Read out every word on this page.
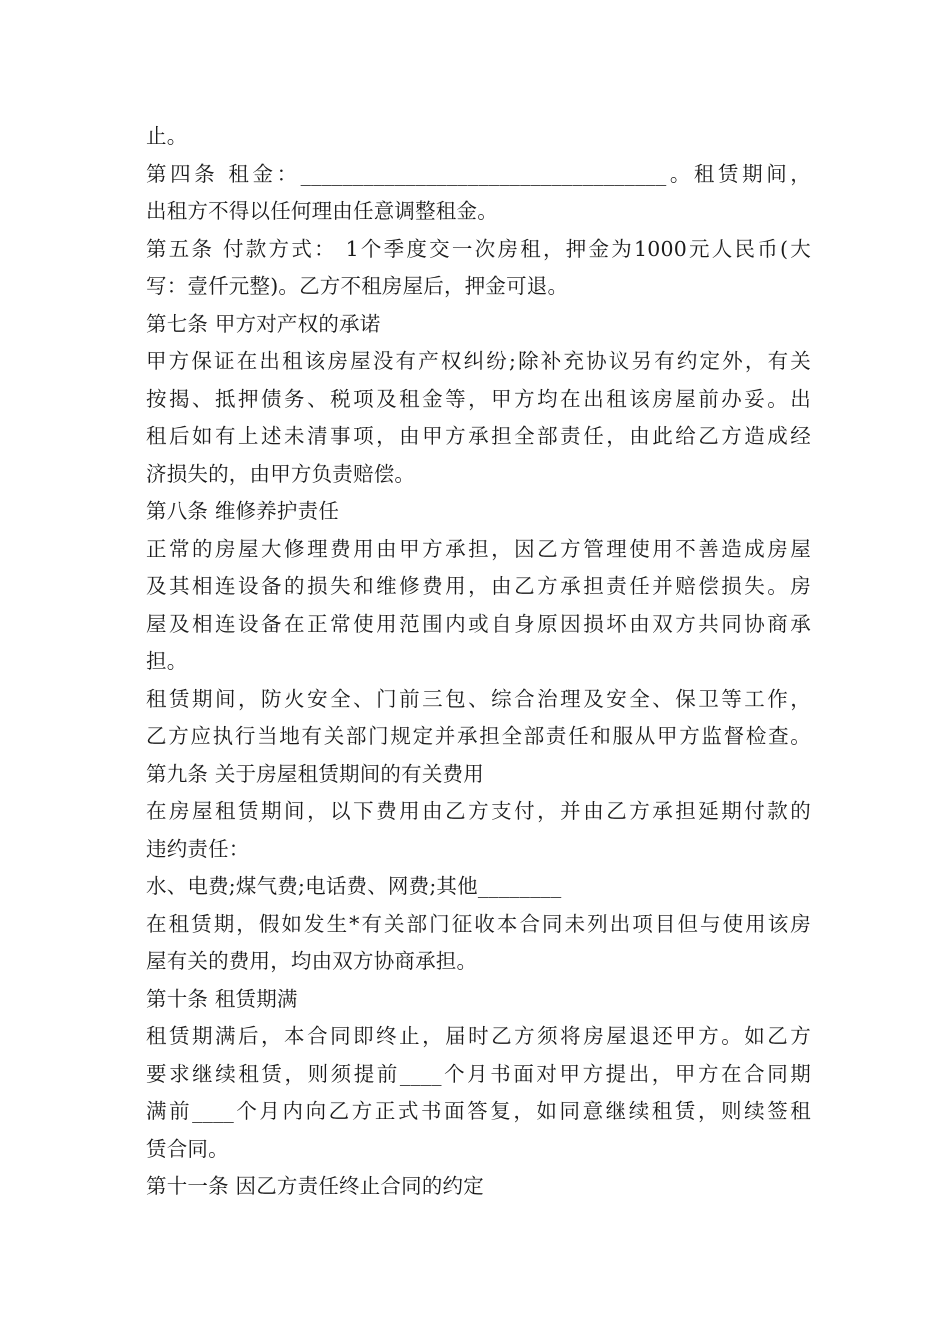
止。
第四条 租金：___________________________________。租赁期间，
出租方不得以任何理由任意调整租金。
第五条 付款方式： 1个季度交一次房租，押金为1000元人民币(大
写：壹仟元整)。乙方不租房屋后，押金可退。
第七条 甲方对产权的承诺
甲方保证在出租该房屋没有产权纠纷;除补充协议另有约定外，有关
按揭、抵押债务、税项及租金等，甲方均在出租该房屋前办妥。出
租后如有上述未清事项，由甲方承担全部责任，由此给乙方造成经
济损失的，由甲方负责赔偿。
第八条 维修养护责任
正常的房屋大修理费用由甲方承担，因乙方管理使用不善造成房屋
及其相连设备的损失和维修费用，由乙方承担责任并赔偿损失。房
屋及相连设备在正常使用范围内或自身原因损坏由双方共同协商承
担。
租赁期间，防火安全、门前三包、综合治理及安全、保卫等工作，
乙方应执行当地有关部门规定并承担全部责任和服从甲方监督检查。
第九条 关于房屋租赁期间的有关费用
在房屋租赁期间，以下费用由乙方支付，并由乙方承担延期付款的
违约责任：
水、电费;煤气费;电话费、网费;其他________
在租赁期，假如发生*有关部门征收本合同未列出项目但与使用该房
屋有关的费用，均由双方协商承担。
第十条 租赁期满
租赁期满后，本合同即终止，届时乙方须将房屋退还甲方。如乙方
要求继续租赁，则须提前____个月书面对甲方提出，甲方在合同期
满前____个月内向乙方正式书面答复，如同意继续租赁，则续签租
赁合同。
第十一条 因乙方责任终止合同的约定
